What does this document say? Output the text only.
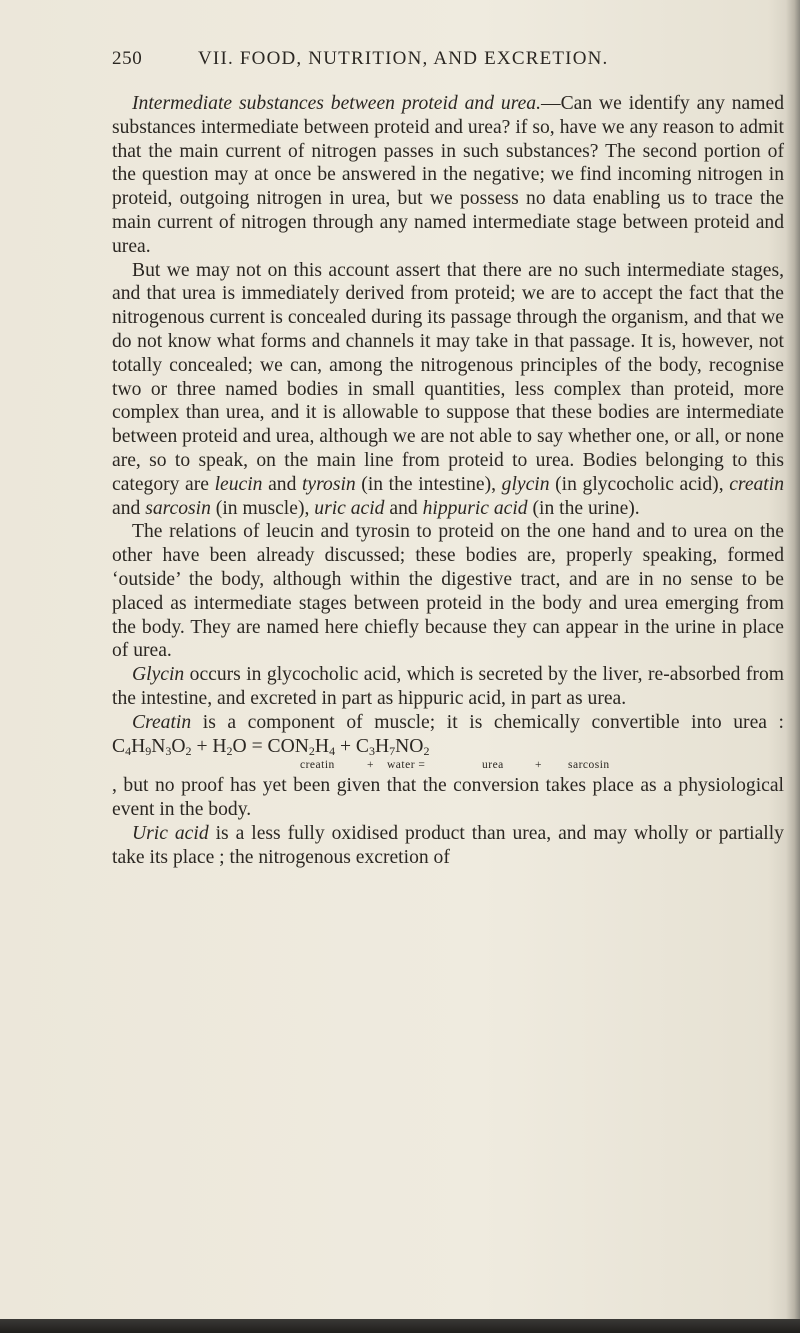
250	VII. FOOD, NUTRITION, AND EXCRETION.

Intermediate substances between proteid and urea.—Can we identify any named substances intermediate between proteid and urea? if so, have we any reason to admit that the main current of nitrogen passes in such substances? The second portion of the question may at once be answered in the negative; we find incoming nitrogen in proteid, outgoing nitrogen in urea, but we possess no data enabling us to trace the main current of nitrogen through any named intermediate stage between proteid and urea.

But we may not on this account assert that there are no such intermediate stages, and that urea is immediately derived from proteid; we are to accept the fact that the nitrogenous current is concealed during its passage through the organism, and that we do not know what forms and channels it may take in that passage. It is, however, not totally concealed; we can, among the nitrogenous principles of the body, recognise two or three named bodies in small quantities, less complex than proteid, more complex than urea, and it is allowable to suppose that these bodies are intermediate between proteid and urea, although we are not able to say whether one, or all, or none are, so to speak, on the main line from proteid to urea. Bodies belonging to this category are leucin and tyrosin (in the intestine), glycin (in glycocholic acid), creatin and sarcosin (in muscle), uric acid and hippuric acid (in the urine).

The relations of leucin and tyrosin to proteid on the one hand and to urea on the other have been already discussed; these bodies are, properly speaking, formed ‘outside’ the body, although within the digestive tract, and are in no sense to be placed as intermediate stages between proteid in the body and urea emerging from the body. They are named here chiefly because they can appear in the urine in place of urea.

Glycin occurs in glycocholic acid, which is secreted by the liver, re-absorbed from the intestine, and excreted in part as hippuric acid, in part as urea.

Creatin is a component of muscle; it is chemically convertible into urea : $C_4H_9N_3O_2 + H_2O = CON_2H_4 + C_3H_7NO_2$
creatin	+	water =	urea	+	sarcosin
, but no proof has yet been given that the conversion takes place as a physiological event in the body.

Uric acid is a less fully oxidised product than urea, and may wholly or partially take its place ; the nitrogenous excretion of
